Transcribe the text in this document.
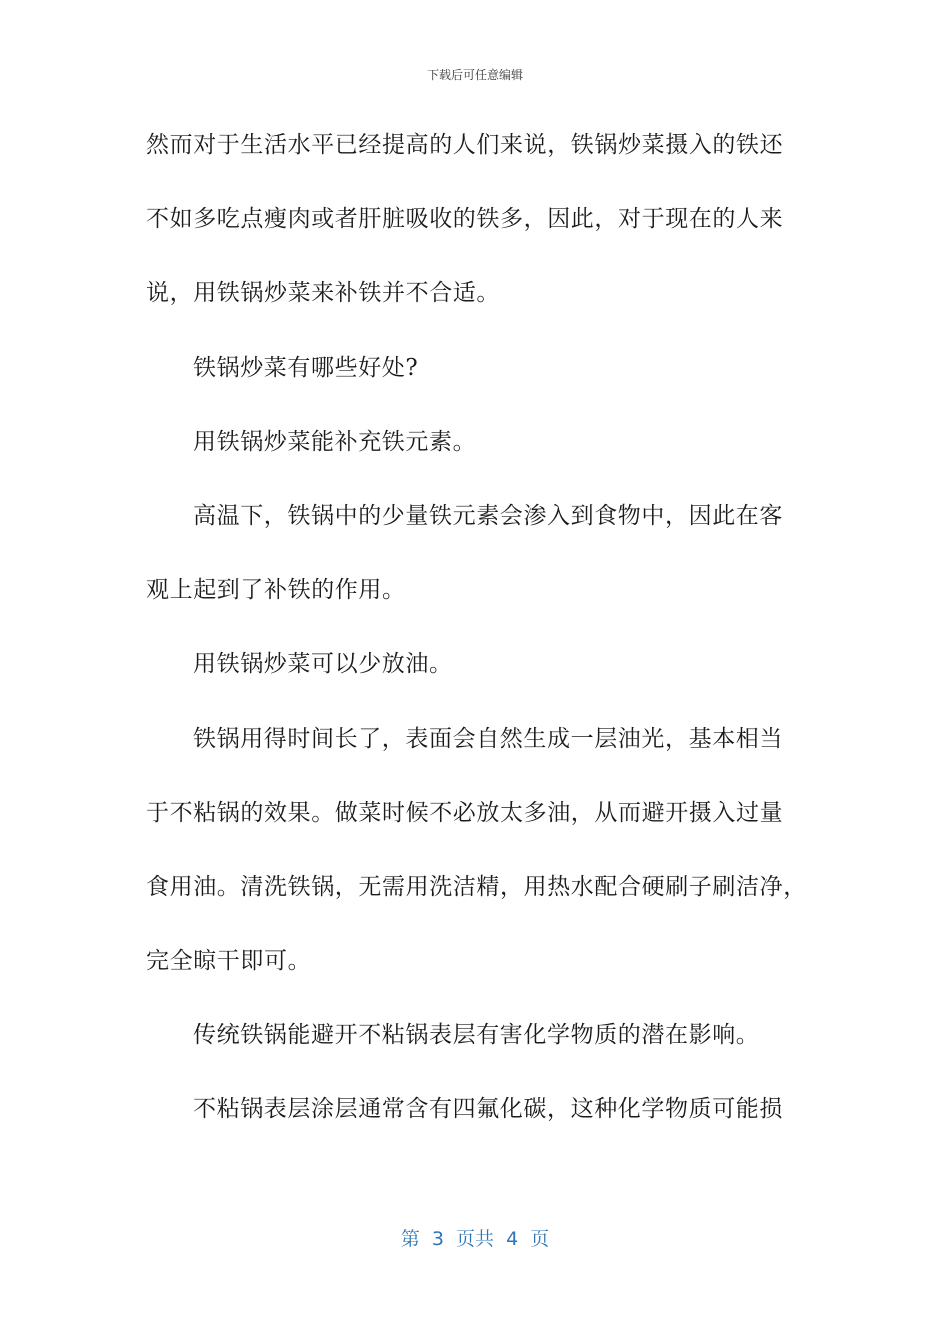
下载后可任意编辑
然而对于生活水平已经提高的人们来说，铁锅炒菜摄入的铁还
不如多吃点瘦肉或者肝脏吸收的铁多，因此，对于现在的人来
说，用铁锅炒菜来补铁并不合适。
铁锅炒菜有哪些好处?
用铁锅炒菜能补充铁元素。
高温下，铁锅中的少量铁元素会渗入到食物中，因此在客
观上起到了补铁的作用。
用铁锅炒菜可以少放油。
铁锅用得时间长了，表面会自然生成一层油光，基本相当
于不粘锅的效果。做菜时候不必放太多油，从而避开摄入过量
食用油。清洗铁锅，无需用洗洁精，用热水配合硬刷子刷洁净，
完全晾干即可。
传统铁锅能避开不粘锅表层有害化学物质的潜在影响。
不粘锅表层涂层通常含有四氟化碳，这种化学物质可能损
第  3  页共  4  页
